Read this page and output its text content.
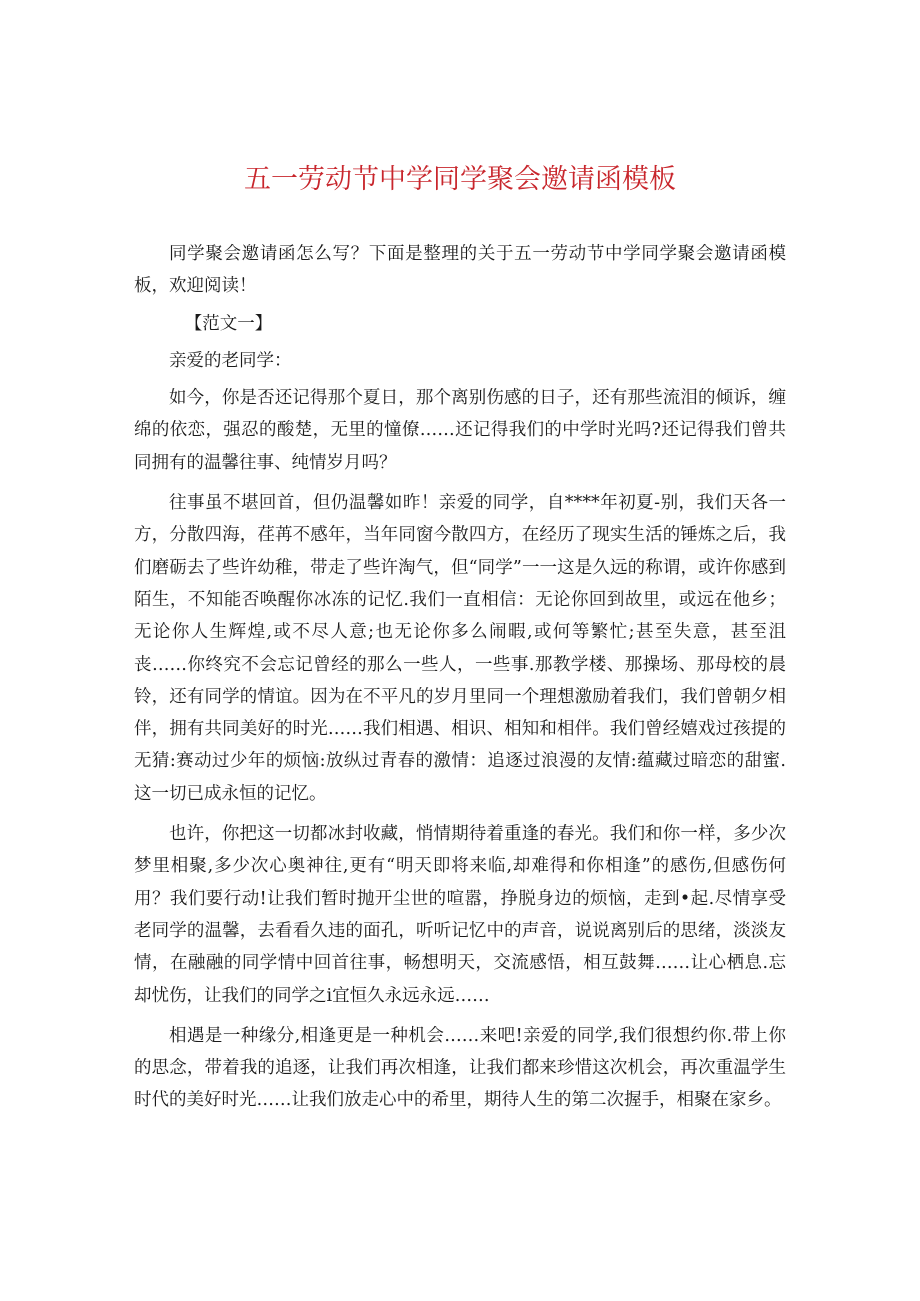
五一劳动节中学同学聚会邀请函模板

同学聚会邀请函怎么写？下面是整理的关于五一劳动节中学同学聚会邀请函模板，欢迎阅读！

【范文一】

亲爱的老同学：

如今，你是否还记得那个夏日，那个离别伤感的日子，还有那些流泪的倾诉，缠绵的依恋，强忍的酸楚，无里的憧僚……还记得我们的中学时光吗?还记得我们曾共同拥有的温馨往事、纯情岁月吗？

往事虽不堪回首，但仍温馨如昨！亲爱的同学，自****年初夏-别，我们天各一方，分散四海，荏苒不感年，当年同窗今散四方，在经历了现实生活的锤炼之后，我们磨砺去了些许幼稚，带走了些许淘气，但“同学”一一这是久远的称谓，或许你感到陌生，不知能否唤醒你冰冻的记忆.我们一直相信：无论你回到故里，或远在他乡；无论你人生辉煌,或不尽人意;也无论你多么闹暇,或何等繁忙;甚至失意，甚至沮丧……你终究不会忘记曾经的那么一些人，一些事.那教学楼、那操场、那母校的晨铃，还有同学的情谊。因为在不平凡的岁月里同一个理想激励着我们，我们曾朝夕相伴，拥有共同美好的时光……我们相遇、相识、相知和相伴。我们曾经嬉戏过孩提的无猜:赛动过少年的烦恼:放纵过青春的激情：追逐过浪漫的友情:蕴藏过暗恋的甜蜜.这一切已成永恒的记忆。

也许，你把这一切都冰封收藏，悄情期待着重逢的春光。我们和你一样，多少次梦里相聚,多少次心奥神往,更有“明天即将来临,却难得和你相逢”的感伤,但感伤何用？我们要行动!让我们暂时抛开尘世的喧嚣，挣脱身边的烦恼，走到•起.尽情享受老同学的温馨，去看看久违的面孔，听听记忆中的声音，说说离别后的思绪，淡淡友情，在融融的同学情中回首往事，畅想明天，交流感悟，相互鼓舞……让心栖息.忘却忧伤，让我们的同学之i宜恒久永远永远……

相遇是一种缘分,相逢更是一种机会……来吧!亲爱的同学,我们很想约你.带上你的思念，带着我的追逐，让我们再次相逢，让我们都来珍惜这次机会，再次重温学生时代的美好时光……让我们放走心中的希里，期待人生的第二次握手，相聚在家乡。
